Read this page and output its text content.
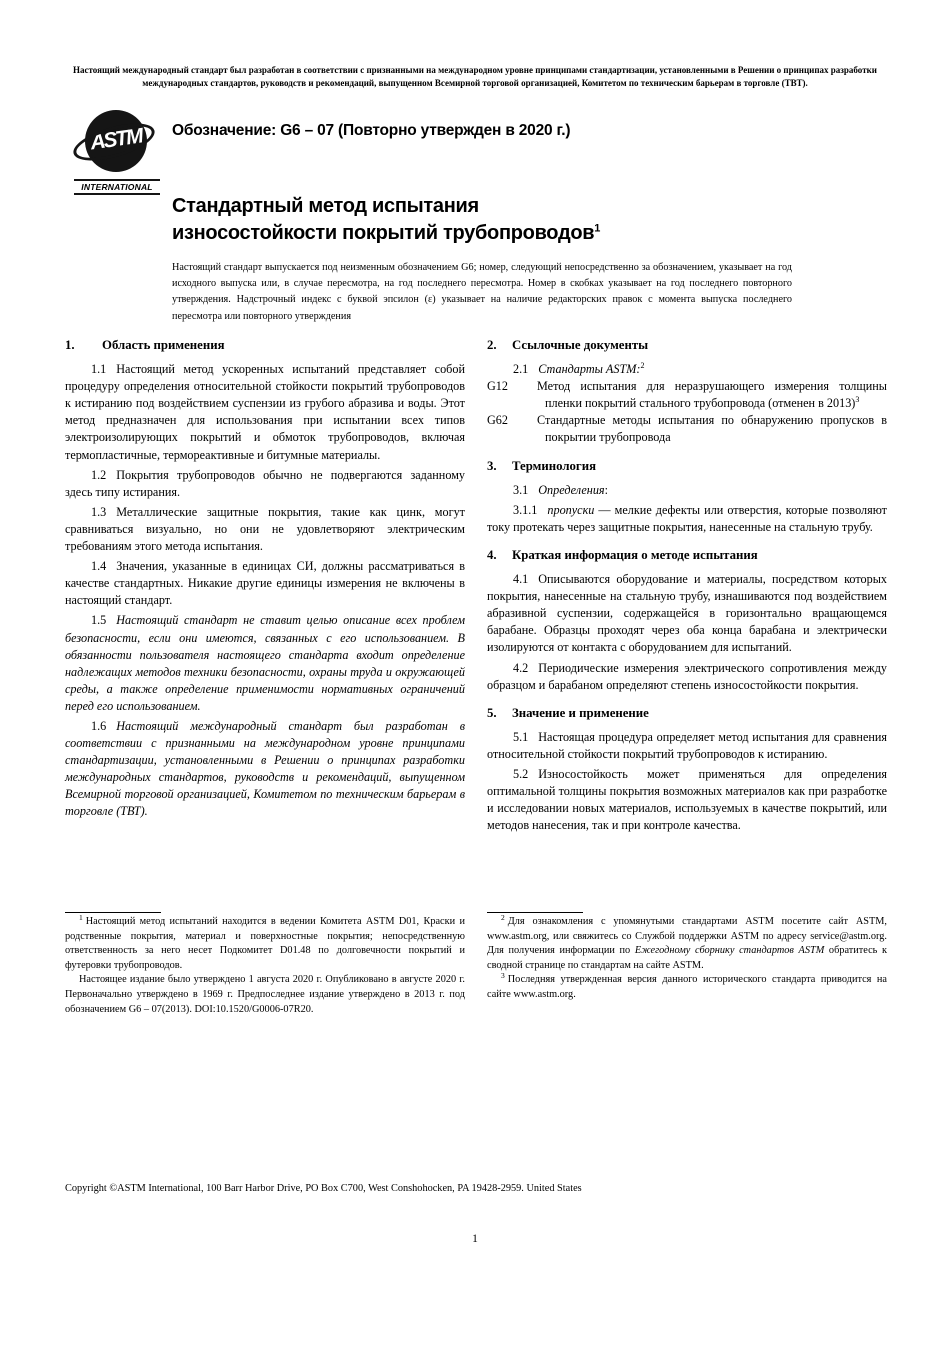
Настоящий международный стандарт был разработан в соответствии с признанными на международном уровне принципами стандартизации, установленными в Решении о принципах разработки международных стандартов, руководств и рекомендаций, выпущенном Всемирной торговой организацией, Комитетом по техническим барьерам в торговле (ТВТ).
ASTM
INTERNATIONAL
Обозначение: G6 – 07 (Повторно утвержден в 2020 г.)
Стандартный метод испытания
износостойкости покрытий трубопроводов$^1$
Настоящий стандарт выпускается под неизменным обозначением G6; номер, следующий непосредственно за обозначением, указывает на год исходного выпуска или, в случае пересмотра, на год последнего пересмотра. Номер в скобках указывает на год последнего повторного утверждения. Надстрочный индекс с буквой эпсилон (ε) указывает на наличие редакторских правок с момента выпуска последнего пересмотра или повторного утверждения
1. Область применения

1.1 Настоящий метод ускоренных испытаний представляет собой процедуру определения относительной стойкости покрытий трубопроводов к истиранию под воздействием суспензии из грубого абразива и воды. Этот метод предназначен для использования при испытании всех типов электроизолирующих покрытий и обмоток трубопроводов, включая термопластичные, термореактивные и битумные материалы.

1.2 Покрытия трубопроводов обычно не подвергаются заданному здесь типу истирания.

1.3 Металлические защитные покрытия, такие как цинк, могут сравниваться визуально, но они не удовлетворяют электрическим требованиям этого метода испытания.

1.4 Значения, указанные в единицах СИ, должны рассматриваться в качестве стандартных. Никакие другие единицы измерения не включены в настоящий стандарт.

1.5 Настоящий стандарт не ставит целью описание всех проблем безопасности, если они имеются, связанных с его использованием. В обязанности пользователя настоящего стандарта входит определение надлежащих методов техники безопасности, охраны труда и окружающей среды, а также определение применимости нормативных ограничений перед его использованием.

1.6 Настоящий международный стандарт был разработан в соответствии с признанными на международном уровне принципами стандартизации, установленными в Решении о принципах разработки международных стандартов, руководств и рекомендаций, выпущенном Всемирной торговой организацией, Комитетом по техническим барьерам в торговле (ТВТ).

2. Ссылочные документы

2.1 Стандарты ASTM:$^2$

G12 Метод испытания для неразрушающего измерения толщины пленки покрытий стального трубопровода (отменен в 2013)$^3$

G62 Стандартные методы испытания по обнаружению пропусков в покрытии трубопровода

3. Терминология

3.1 Определения:

3.1.1 пропуски — мелкие дефекты или отверстия, которые позволяют току протекать через защитные покрытия, нанесенные на стальную трубу.

4. Краткая информация о методе испытания

4.1 Описываются оборудование и материалы, посредством которых покрытия, нанесенные на стальную трубу, изнашиваются под воздействием абразивной суспензии, содержащейся в горизонтально вращающемся барабане. Образцы проходят через оба конца барабана и электрически изолируются от контакта с оборудованием для испытаний.

4.2 Периодические измерения электрического сопротивления между образцом и барабаном определяют степень износостойкости покрытия.

5. Значение и применение

5.1 Настоящая процедура определяет метод испытания для сравнения относительной стойкости покрытий трубопроводов к истиранию.

5.2 Износостойкость может применяться для определения оптимальной толщины покрытия возможных материалов как при разработке и исследовании новых материалов, используемых в качестве покрытий, или методов нанесения, так и при контроле качества.

$^1$ Настоящий метод испытаний находится в ведении Комитета ASTM D01, Краски и родственные покрытия, материал и поверхностные покрытия; непосредственную ответственность за него несет Подкомитет D01.48 по долговечности покрытий и футеровки трубопроводов.

Настоящее издание было утверждено 1 августа 2020 г. Опубликовано в августе 2020 г. Первоначально утверждено в 1969 г. Предпоследнее издание утверждено в 2013 г. под обозначением G6 – 07(2013). DOI:10.1520/G0006-07R20.

$^2$ Для ознакомления с упомянутыми стандартами ASTM посетите сайт ASTM, www.astm.org, или свяжитесь со Службой поддержки ASTM по адресу service@astm.org. Для получения информации по Ежегодному сборнику стандартов ASTM обратитесь к сводной странице по стандартам на сайте ASTM.

$^3$ Последняя утвержденная версия данного исторического стандарта приводится на сайте www.astm.org.

Copyright ©ASTM International, 100 Barr Harbor Drive, PO Box C700, West Conshohocken, PA 19428-2959. United States
1
